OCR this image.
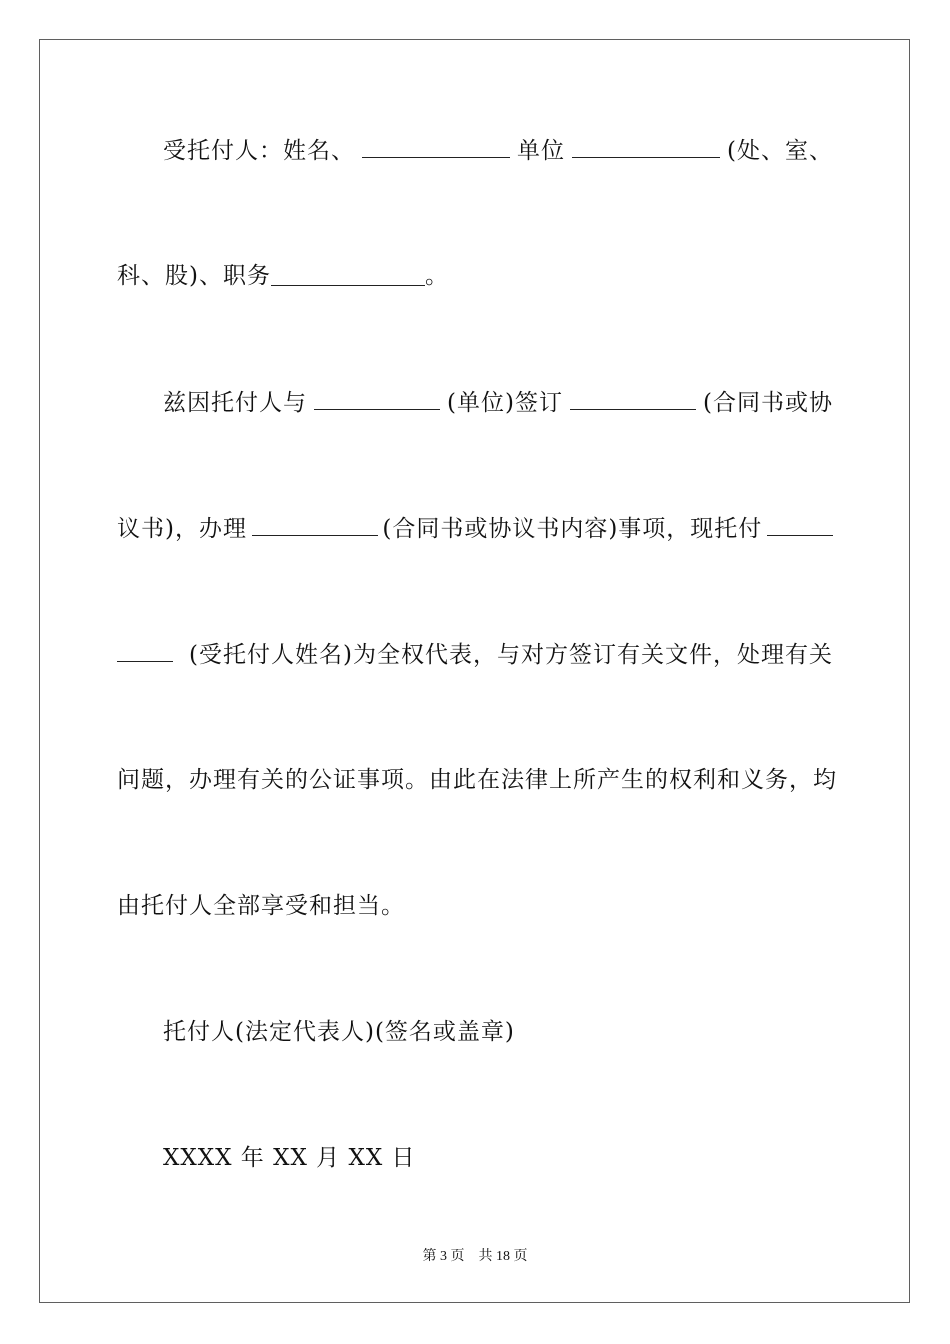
受托付人：姓名、	单位	(处、室、
科、股)、职务	。
兹因托付人与	(单位)签订	(合同书或协
议书)，办理	(合同书或协议书内容)事项，现托付
(受托付人姓名)为全权代表，与对方签订有关文件，处理有关
问题，办理有关的公证事项。由此在法律上所产生的权利和义务，均
由托付人全部享受和担当。
托付人(法定代表人)(签名或盖章)
XXXX 年 XX 月 XX 日
第 3 页 共 18 页
